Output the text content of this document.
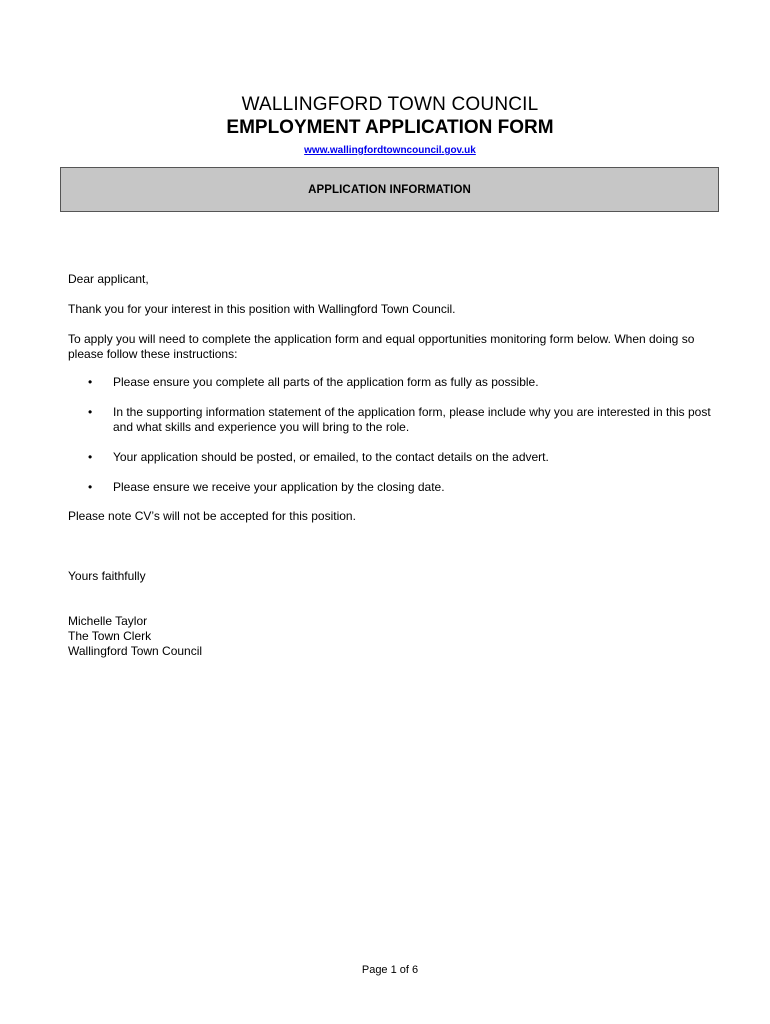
WALLINGFORD TOWN COUNCIL
EMPLOYMENT APPLICATION FORM
www.wallingfordtowncouncil.gov.uk
APPLICATION INFORMATION

Dear applicant,

Thank you for your interest in this position with Wallingford Town Council.

To apply you will need to complete the application form and equal opportunities monitoring form below. When doing so please follow these instructions:

• Please ensure you complete all parts of the application form as fully as possible.
• In the supporting information statement of the application form, please include why you are interested in this post and what skills and experience you will bring to the role.
• Your application should be posted, or emailed, to the contact details on the advert.
• Please ensure we receive your application by the closing date.

Please note CV’s will not be accepted for this position.

Yours faithfully

Michelle Taylor

The Town Clerk

Wallingford Town Council

Page 1 of 6
